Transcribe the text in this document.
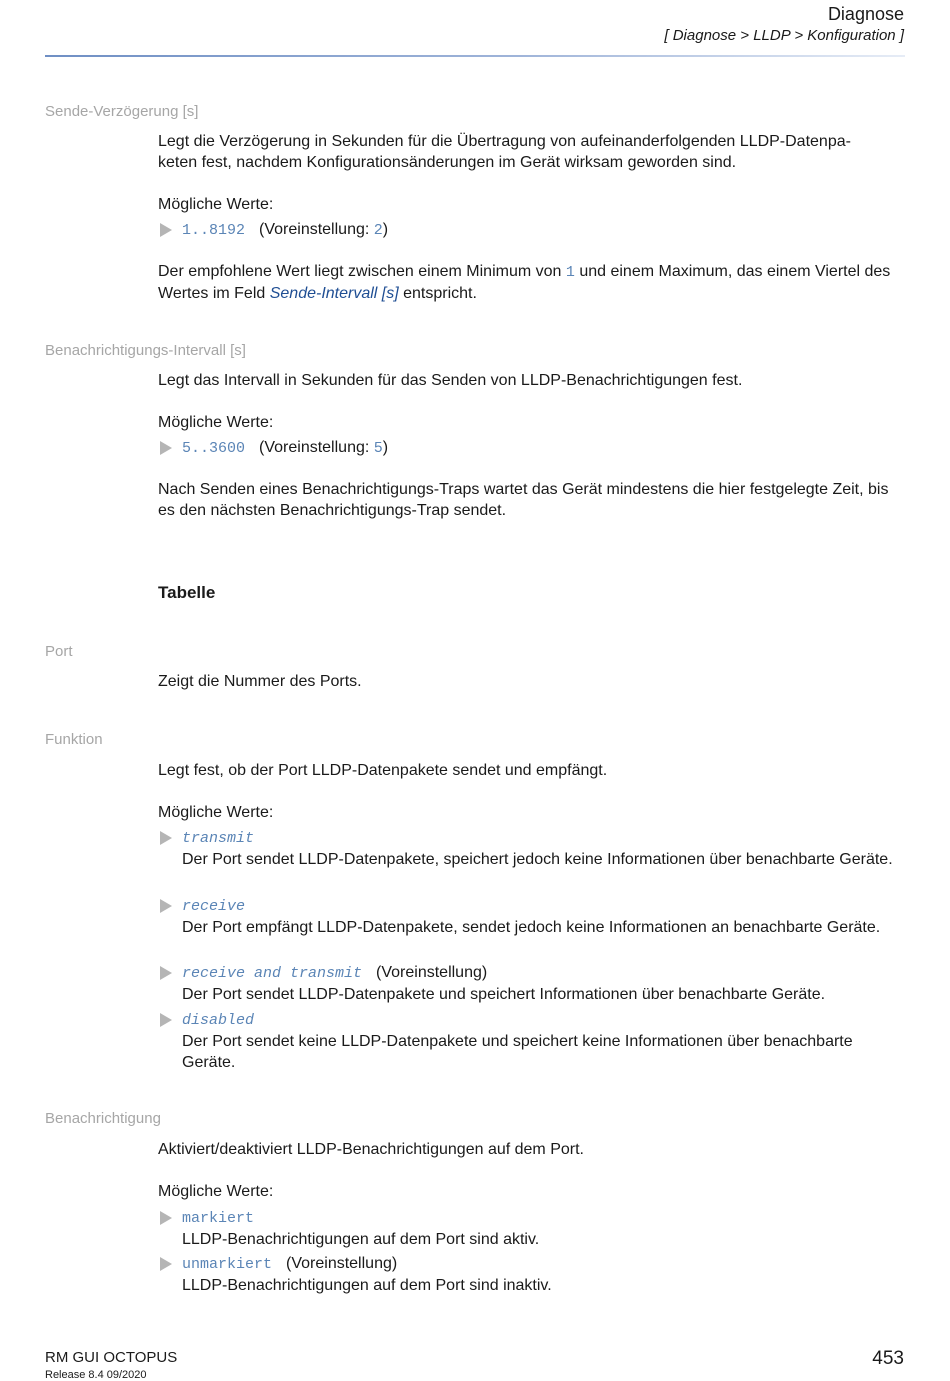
Diagnose
[ Diagnose > LLDP > Konfiguration ]
Sende-Verzögerung [s]
Legt die Verzögerung in Sekunden für die Übertragung von aufeinanderfolgenden LLDP-Datenpa-
keten fest, nachdem Konfigurationsänderungen im Gerät wirksam geworden sind.
Mögliche Werte:
1..8192 (Voreinstellung: 2)
Der empfohlene Wert liegt zwischen einem Minimum von 1 und einem Maximum, das einem Viertel des Wertes im Feld Sende-Intervall [s] entspricht.
Benachrichtigungs-Intervall [s]
Legt das Intervall in Sekunden für das Senden von LLDP-Benachrichtigungen fest.
Mögliche Werte:
5..3600 (Voreinstellung: 5)
Nach Senden eines Benachrichtigungs-Traps wartet das Gerät mindestens die hier festgelegte Zeit, bis es den nächsten Benachrichtigungs-Trap sendet.
Tabelle
Port
Zeigt die Nummer des Ports.
Funktion
Legt fest, ob der Port LLDP-Datenpakete sendet und empfängt.
Mögliche Werte:
transmit
Der Port sendet LLDP-Datenpakete, speichert jedoch keine Informationen über benachbarte Geräte.
receive
Der Port empfängt LLDP-Datenpakete, sendet jedoch keine Informationen an benachbarte Geräte.
receive and transmit (Voreinstellung)
Der Port sendet LLDP-Datenpakete und speichert Informationen über benachbarte Geräte.
disabled
Der Port sendet keine LLDP-Datenpakete und speichert keine Informationen über benachbarte Geräte.
Benachrichtigung
Aktiviert/deaktiviert LLDP-Benachrichtigungen auf dem Port.
Mögliche Werte:
markiert
LLDP-Benachrichtigungen auf dem Port sind aktiv.
unmarkiert (Voreinstellung)
LLDP-Benachrichtigungen auf dem Port sind inaktiv.
RM GUI OCTOPUS
Release 8.4 09/2020
453
